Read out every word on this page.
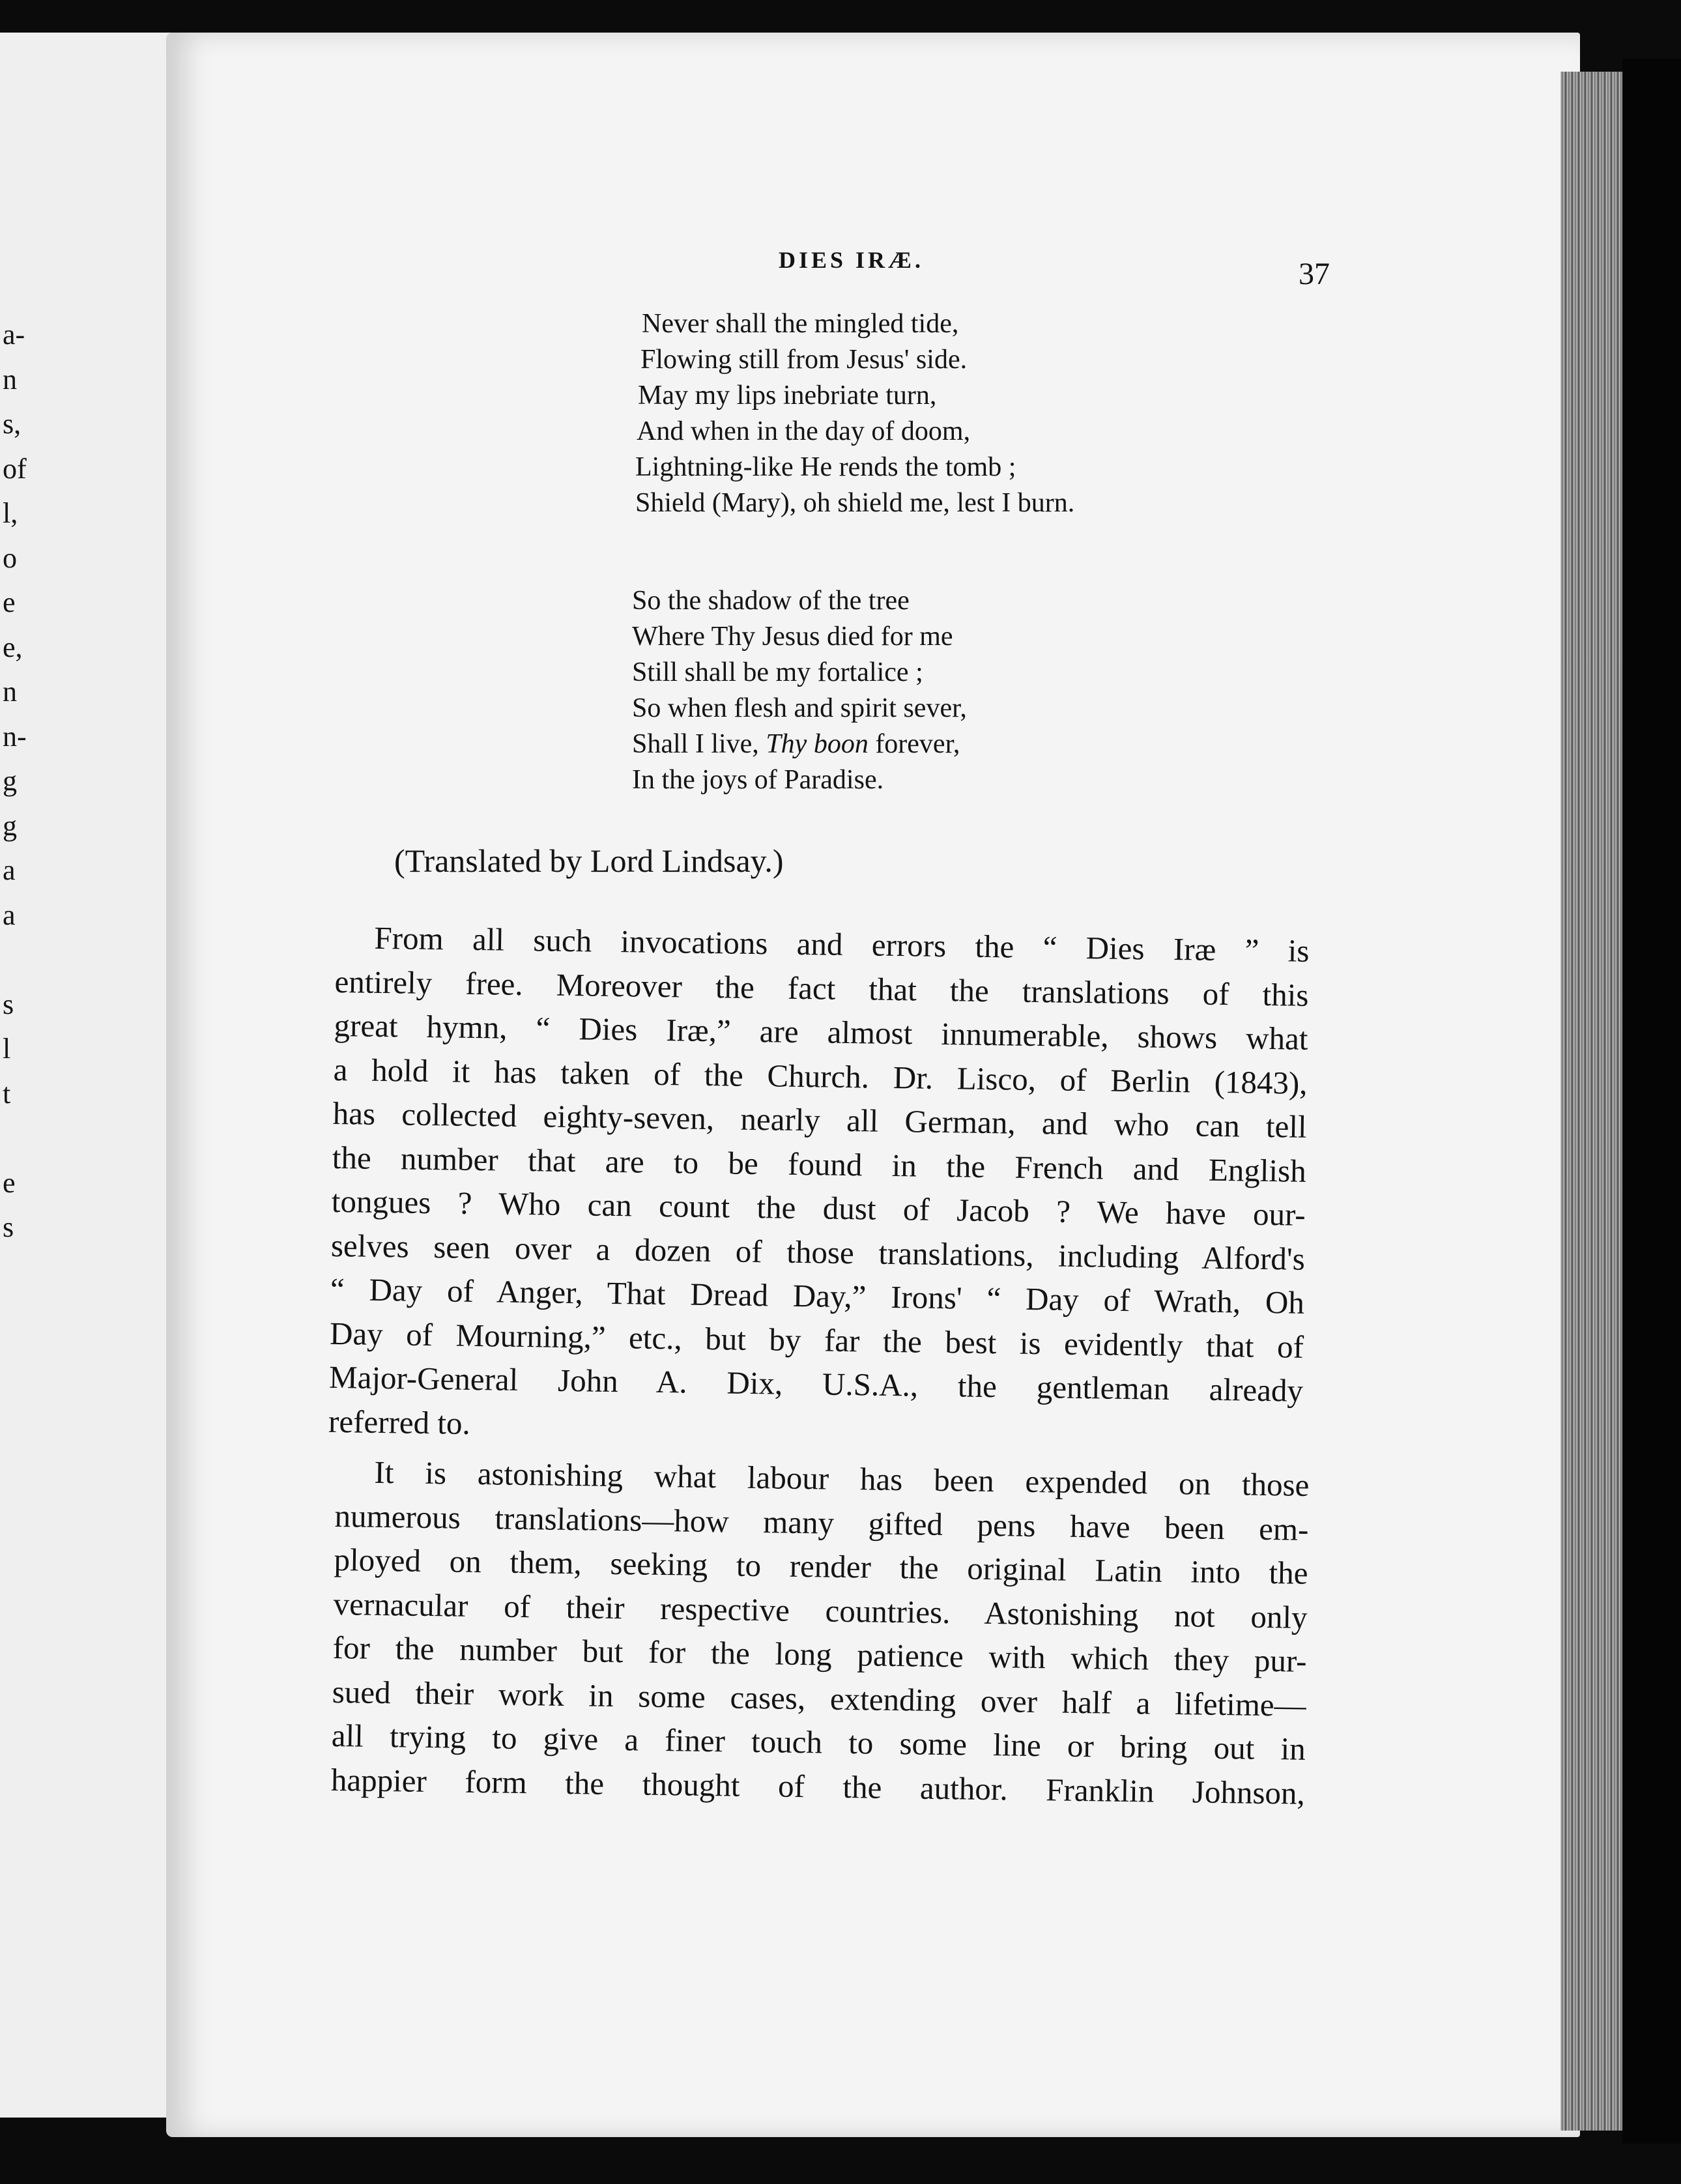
a-
n
s,
of
l,
o
e
e,
n
n-
g
g
a
a
s
l
t
e
s
DIES IRÆ.	37
Never shall the mingled tide,
Flowing still from Jesus' side.
May my lips inebriate turn,
And when in the day of doom,
Lightning-like He rends the tomb ;
Shield (Mary), oh shield me, lest I burn.
So the shadow of the tree
Where Thy Jesus died for me
Still shall be my fortalice ;
So when flesh and spirit sever,
Shall I live, Thy boon forever,
In the joys of Paradise.
(Translated by Lord Lindsay.)
From all such invocations and errors the “ Dies Iræ ” is
entirely free. Moreover the fact that the translations of this
great hymn, “ Dies Iræ,” are almost innumerable, shows what
a hold it has taken of the Church. Dr. Lisco, of Berlin (1843),
has collected eighty-seven, nearly all German, and who can tell
the number that are to be found in the French and English
tongues ? Who can count the dust of Jacob ? We have our-
selves seen over a dozen of those translations, including Alford's
“ Day of Anger, That Dread Day,” Irons' “ Day of Wrath, Oh
Day of Mourning,” etc., but by far the best is evidently that of
Major-General John A. Dix, U.S.A., the gentleman already
referred to.
It is astonishing what labour has been expended on those
numerous translations—how many gifted pens have been em-
ployed on them, seeking to render the original Latin into the
vernacular of their respective countries. Astonishing not only
for the number but for the long patience with which they pur-
sued their work in some cases, extending over half a lifetime—
all trying to give a finer touch to some line or bring out in
happier form the thought of the author. Franklin Johnson,
